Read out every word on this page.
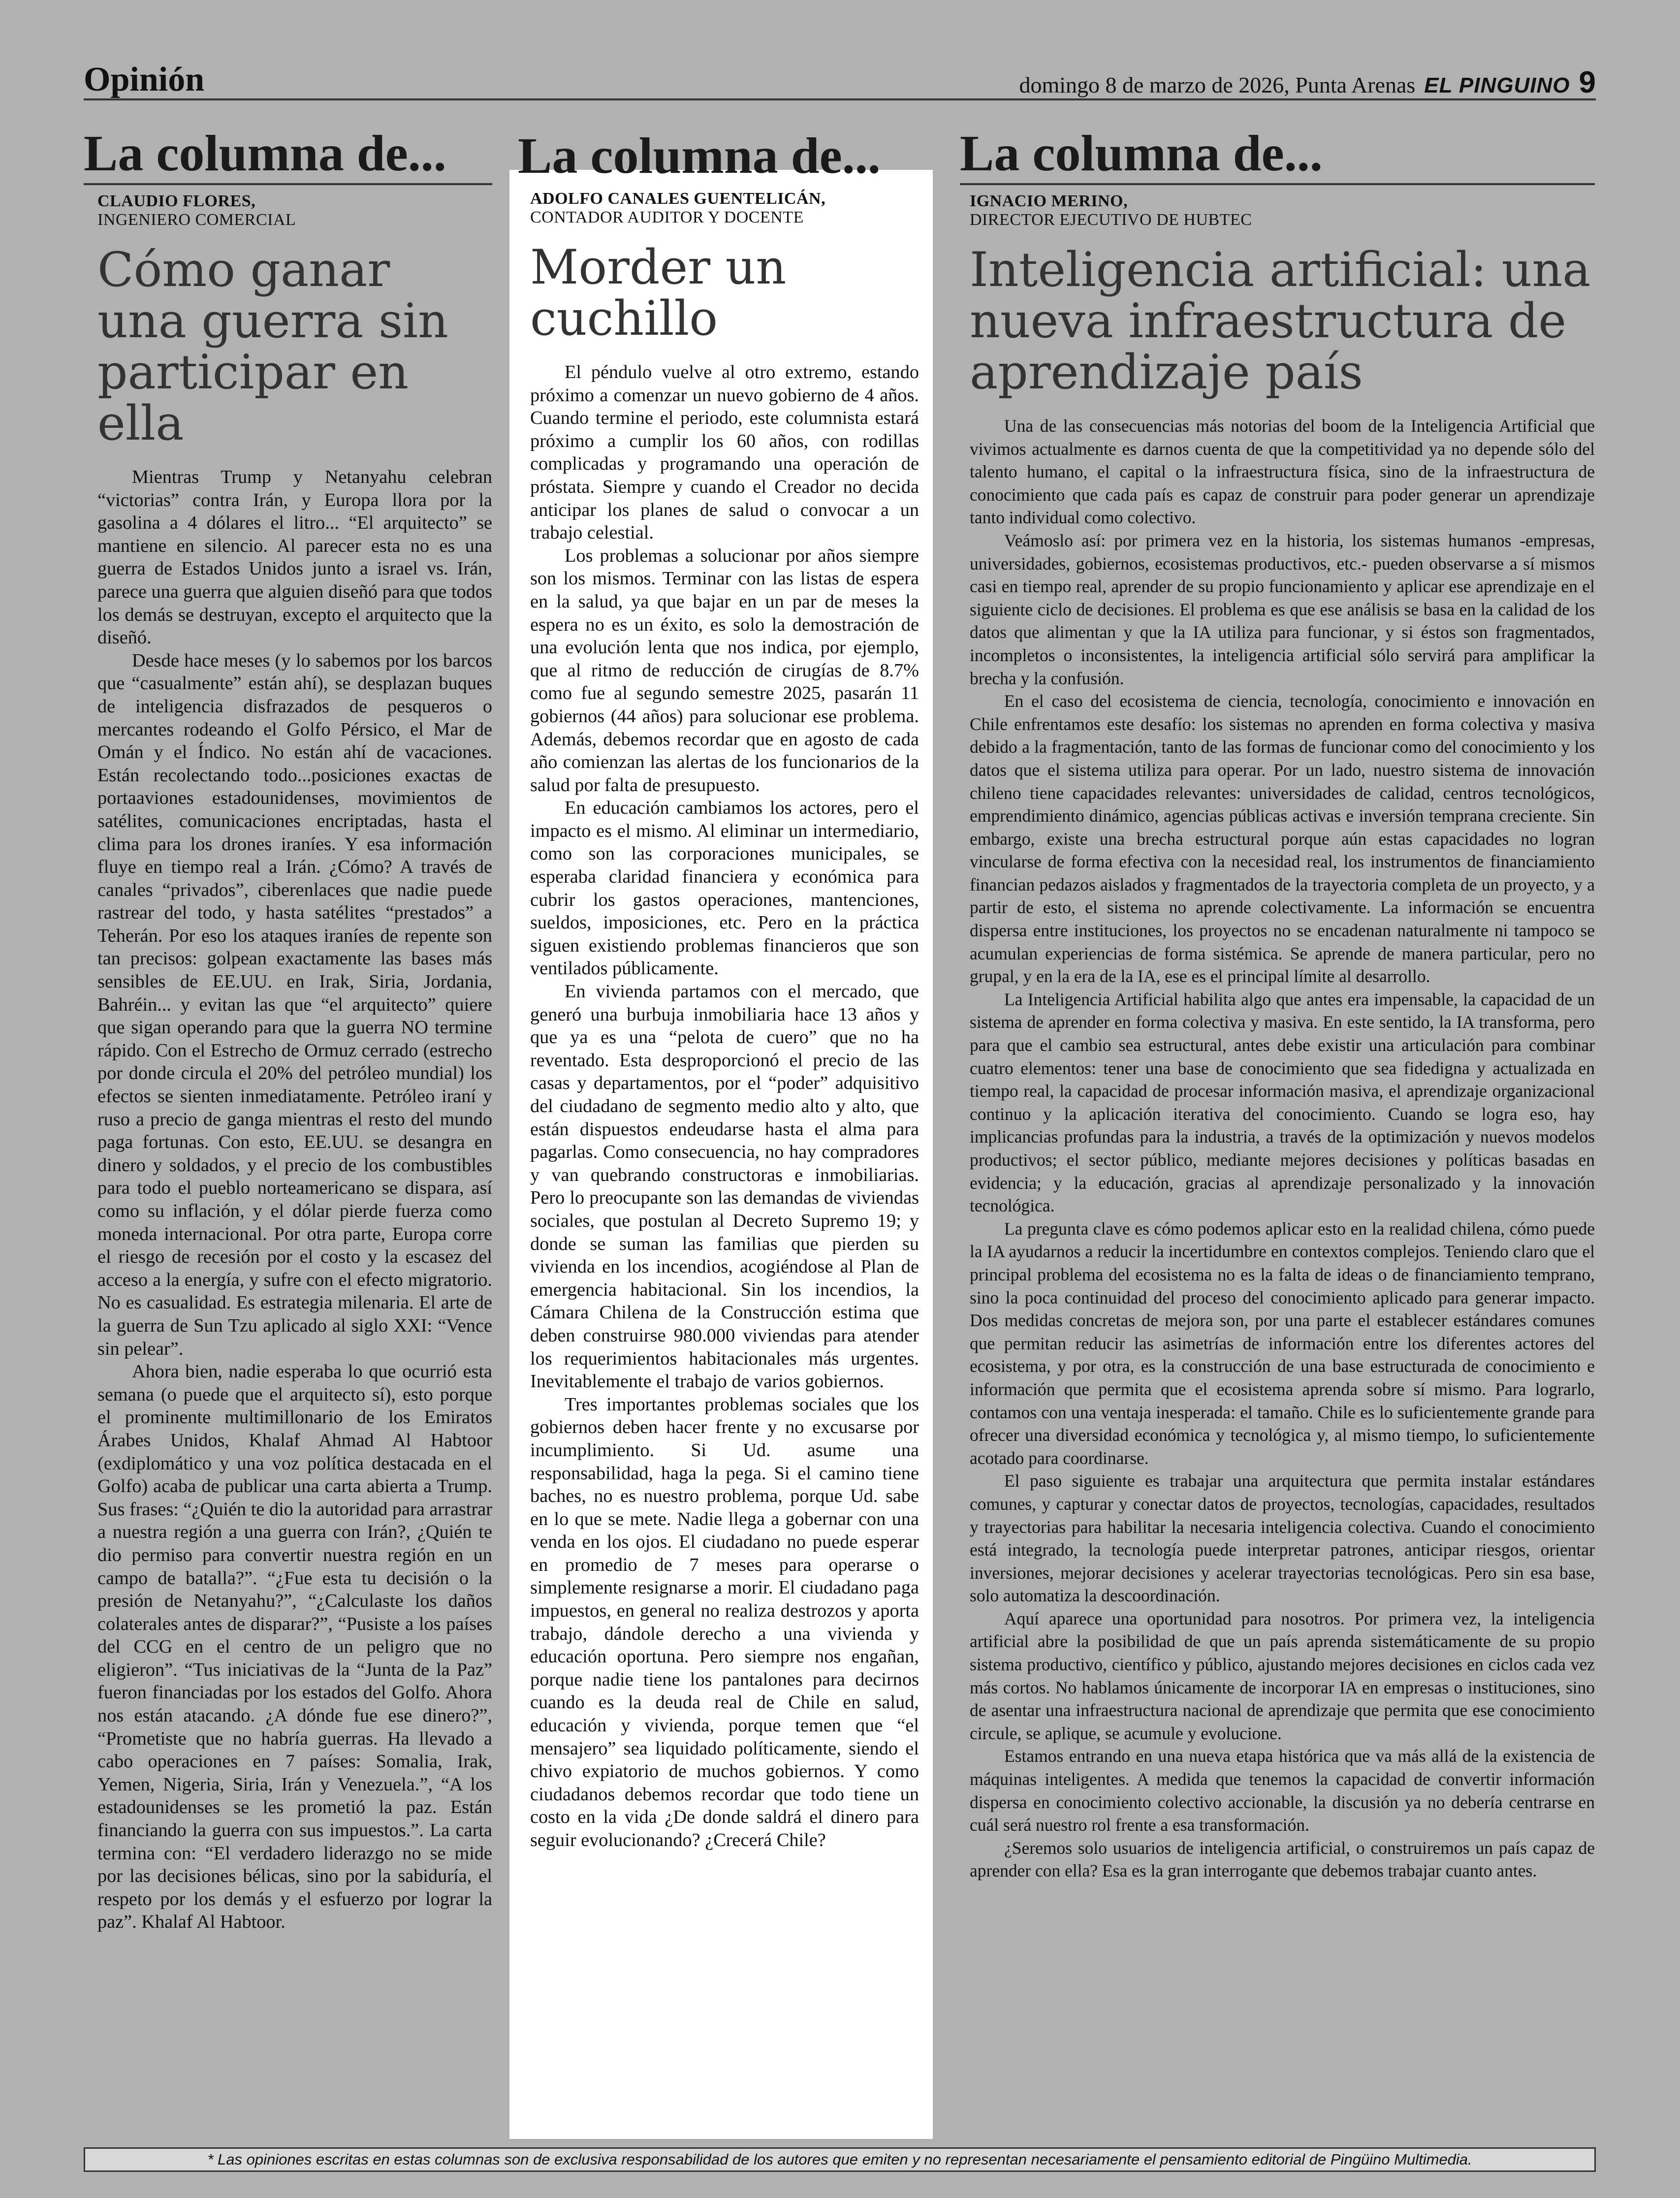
Opinión	domingo 8 de marzo de 2026, Punta Arenas EL PINGUINO 9
La columna de...
CLAUDIO FLORES,
INGENIERO COMERCIAL
Cómo ganar una guerra sin participar en ella

Mientras Trump y Netanyahu celebran “victorias” contra Irán, y Europa llora por la gasolina a 4 dólares el litro... “El arquitecto” se mantiene en silencio. Al parecer esta no es una guerra de Estados Unidos junto a israel vs. Irán, parece una guerra que alguien diseñó para que todos los demás se destruyan, excepto el arquitecto que la diseñó.

Desde hace meses (y lo sabemos por los barcos que “casualmente” están ahí), se desplazan buques de inteligencia disfrazados de pesqueros o mercantes rodeando el Golfo Pérsico, el Mar de Omán y el Índico. No están ahí de vacaciones. Están recolectando todo...posiciones exactas de portaaviones estadounidenses, movimientos de satélites, comunicaciones encriptadas, hasta el clima para los drones iraníes. Y esa información fluye en tiempo real a Irán. ¿Cómo? A través de canales “privados”, ciberenlaces que nadie puede rastrear del todo, y hasta satélites “prestados” a Teherán. Por eso los ataques iraníes de repente son tan precisos: golpean exactamente las bases más sensibles de EE.UU. en Irak, Siria, Jordania, Bahréin... y evitan las que “el arquitecto” quiere que sigan operando para que la guerra NO termine rápido. Con el Estrecho de Ormuz cerrado (estrecho por donde circula el 20% del petróleo mundial) los efectos se sienten inmediatamente. Petróleo iraní y ruso a precio de ganga mientras el resto del mundo paga fortunas. Con esto, EE.UU. se desangra en dinero y soldados, y el precio de los combustibles para todo el pueblo norteamericano se dispara, así como su inflación, y el dólar pierde fuerza como moneda internacional. Por otra parte, Europa corre el riesgo de recesión por el costo y la escasez del acceso a la energía, y sufre con el efecto migratorio. No es casualidad. Es estrategia milenaria. El arte de la guerra de Sun Tzu aplicado al siglo XXI: “Vence sin pelear”.

Ahora bien, nadie esperaba lo que ocurrió esta semana (o puede que el arquitecto sí), esto porque el prominente multimillonario de los Emiratos Árabes Unidos, Khalaf Ahmad Al Habtoor (exdiplomático y una voz política destacada en el Golfo) acaba de publicar una carta abierta a Trump. Sus frases: “¿Quién te dio la autoridad para arrastrar a nuestra región a una guerra con Irán?, ¿Quién te dio permiso para convertir nuestra región en un campo de batalla?”. “¿Fue esta tu decisión o la presión de Netanyahu?”, “¿Calculaste los daños colaterales antes de disparar?”, “Pusiste a los países del CCG en el centro de un peligro que no eligieron”. “Tus iniciativas de la “Junta de la Paz” fueron financiadas por los estados del Golfo. Ahora nos están atacando. ¿A dónde fue ese dinero?”, “Prometiste que no habría guerras. Ha llevado a cabo operaciones en 7 países: Somalia, Irak, Yemen, Nigeria, Siria, Irán y Venezuela.”, “A los estadounidenses se les prometió la paz. Están financiando la guerra con sus impuestos.”. La carta termina con: “El verdadero liderazgo no se mide por las decisiones bélicas, sino por la sabiduría, el respeto por los demás y el esfuerzo por lograr la paz”. Khalaf Al Habtoor.

ADOLFO CANALES GUENTELICÁN,
CONTADOR AUDITOR Y DOCENTE
Morder un cuchillo

El péndulo vuelve al otro extremo, estando próximo a comenzar un nuevo gobierno de 4 años. Cuando termine el periodo, este columnista estará próximo a cumplir los 60 años, con rodillas complicadas y programando una operación de próstata. Siempre y cuando el Creador no decida anticipar los planes de salud o convocar a un trabajo celestial.

Los problemas a solucionar por años siempre son los mismos. Terminar con las listas de espera en la salud, ya que bajar en un par de meses la espera no es un éxito, es solo la demostración de una evolución lenta que nos indica, por ejemplo, que al ritmo de reducción de cirugías de 8.7% como fue al segundo semestre 2025, pasarán 11 gobiernos (44 años) para solucionar ese problema. Además, debemos recordar que en agosto de cada año comienzan las alertas de los funcionarios de la salud por falta de presupuesto.

En educación cambiamos los actores, pero el impacto es el mismo. Al eliminar un intermediario, como son las corporaciones municipales, se esperaba claridad financiera y económica para cubrir los gastos operaciones, mantenciones, sueldos, imposiciones, etc. Pero en la práctica siguen existiendo problemas financieros que son ventilados públicamente.

En vivienda partamos con el mercado, que generó una burbuja inmobiliaria hace 13 años y que ya es una “pelota de cuero” que no ha reventado. Esta desproporcionó el precio de las casas y departamentos, por el “poder” adquisitivo del ciudadano de segmento medio alto y alto, que están dispuestos endeudarse hasta el alma para pagarlas. Como consecuencia, no hay compradores y van quebrando constructoras e inmobiliarias. Pero lo preocupante son las demandas de viviendas sociales, que postulan al Decreto Supremo 19; y donde se suman las familias que pierden su vivienda en los incendios, acogiéndose al Plan de emergencia habitacional. Sin los incendios, la Cámara Chilena de la Construcción estima que deben construirse 980.000 viviendas para atender los requerimientos habitacionales más urgentes. Inevitablemente el trabajo de varios gobiernos.

Tres importantes problemas sociales que los gobiernos deben hacer frente y no excusarse por incumplimiento. Si Ud. asume una responsabilidad, haga la pega. Si el camino tiene baches, no es nuestro problema, porque Ud. sabe en lo que se mete. Nadie llega a gobernar con una venda en los ojos. El ciudadano no puede esperar en promedio de 7 meses para operarse o simplemente resignarse a morir. El ciudadano paga impuestos, en general no realiza destrozos y aporta trabajo, dándole derecho a una vivienda y educación oportuna. Pero siempre nos engañan, porque nadie tiene los pantalones para decirnos cuando es la deuda real de Chile en salud, educación y vivienda, porque temen que “el mensajero” sea liquidado políticamente, siendo el chivo expiatorio de muchos gobiernos. Y como ciudadanos debemos recordar que todo tiene un costo en la vida ¿De donde saldrá el dinero para seguir evolucionando? ¿Crecerá Chile?

La columna de... La columna de...
IGNACIO MERINO,
DIRECTOR EJECUTIVO DE HUBTEC
Inteligencia artificial: una nueva infraestructura de aprendizaje país

Una de las consecuencias más notorias del boom de la Inteligencia Artificial que vivimos actualmente es darnos cuenta de que la competitividad ya no depende sólo del talento humano, el capital o la infraestructura física, sino de la infraestructura de conocimiento que cada país es capaz de construir para poder generar un aprendizaje tanto individual como colectivo.

Veámoslo así: por primera vez en la historia, los sistemas humanos -empresas, universidades, gobiernos, ecosistemas productivos, etc.- pueden observarse a sí mismos casi en tiempo real, aprender de su propio funcionamiento y aplicar ese aprendizaje en el siguiente ciclo de decisiones. El problema es que ese análisis se basa en la calidad de los datos que alimentan y que la IA utiliza para funcionar, y si éstos son fragmentados, incompletos o inconsistentes, la inteligencia artificial sólo servirá para amplificar la brecha y la confusión.

En el caso del ecosistema de ciencia, tecnología, conocimiento e innovación en Chile enfrentamos este desafío: los sistemas no aprenden en forma colectiva y masiva debido a la fragmentación, tanto de las formas de funcionar como del conocimiento y los datos que el sistema utiliza para operar. Por un lado, nuestro sistema de innovación chileno tiene capacidades relevantes: universidades de calidad, centros tecnológicos, emprendimiento dinámico, agencias públicas activas e inversión temprana creciente. Sin embargo, existe una brecha estructural porque aún estas capacidades no logran vincularse de forma efectiva con la necesidad real, los instrumentos de financiamiento financian pedazos aislados y fragmentados de la trayectoria completa de un proyecto, y a partir de esto, el sistema no aprende colectivamente. La información se encuentra dispersa entre instituciones, los proyectos no se encadenan naturalmente ni tampoco se acumulan experiencias de forma sistémica. Se aprende de manera particular, pero no grupal, y en la era de la IA, ese es el principal límite al desarrollo.

La Inteligencia Artificial habilita algo que antes era impensable, la capacidad de un sistema de aprender en forma colectiva y masiva. En este sentido, la IA transforma, pero para que el cambio sea estructural, antes debe existir una articulación para combinar cuatro elementos: tener una base de conocimiento que sea fidedigna y actualizada en tiempo real, la capacidad de procesar información masiva, el aprendizaje organizacional continuo y la aplicación iterativa del conocimiento. Cuando se logra eso, hay implicancias profundas para la industria, a través de la optimización y nuevos modelos productivos; el sector público, mediante mejores decisiones y políticas basadas en evidencia; y la educación, gracias al aprendizaje personalizado y la innovación tecnológica.

La pregunta clave es cómo podemos aplicar esto en la realidad chilena, cómo puede la IA ayudarnos a reducir la incertidumbre en contextos complejos. Teniendo claro que el principal problema del ecosistema no es la falta de ideas o de financiamiento temprano, sino la poca continuidad del proceso del conocimiento aplicado para generar impacto. Dos medidas concretas de mejora son, por una parte el establecer estándares comunes que permitan reducir las asimetrías de información entre los diferentes actores del ecosistema, y por otra, es la construcción de una base estructurada de conocimiento e información que permita que el ecosistema aprenda sobre sí mismo. Para lograrlo, contamos con una ventaja inesperada: el tamaño. Chile es lo suficientemente grande para ofrecer una diversidad económica y tecnológica y, al mismo tiempo, lo suficientemente acotado para coordinarse.

El paso siguiente es trabajar una arquitectura que permita instalar estándares comunes, y capturar y conectar datos de proyectos, tecnologías, capacidades, resultados y trayectorias para habilitar la necesaria inteligencia colectiva. Cuando el conocimiento está integrado, la tecnología puede interpretar patrones, anticipar riesgos, orientar inversiones, mejorar decisiones y acelerar trayectorias tecnológicas. Pero sin esa base, solo automatiza la descoordinación.

Aquí aparece una oportunidad para nosotros. Por primera vez, la inteligencia artificial abre la posibilidad de que un país aprenda sistemáticamente de su propio sistema productivo, científico y público, ajustando mejores decisiones en ciclos cada vez más cortos. No hablamos únicamente de incorporar IA en empresas o instituciones, sino de asentar una infraestructura nacional de aprendizaje que permita que ese conocimiento circule, se aplique, se acumule y evolucione.

Estamos entrando en una nueva etapa histórica que va más allá de la existencia de máquinas inteligentes. A medida que tenemos la capacidad de convertir información dispersa en conocimiento colectivo accionable, la discusión ya no debería centrarse en cuál será nuestro rol frente a esa transformación.

¿Seremos solo usuarios de inteligencia artificial, o construiremos un país capaz de aprender con ella? Esa es la gran interrogante que debemos trabajar cuanto antes.

* Las opiniones escritas en estas columnas son de exclusiva responsabilidad de los autores que emiten y no representan necesariamente el pensamiento editorial de Pingüino Multimedia.
